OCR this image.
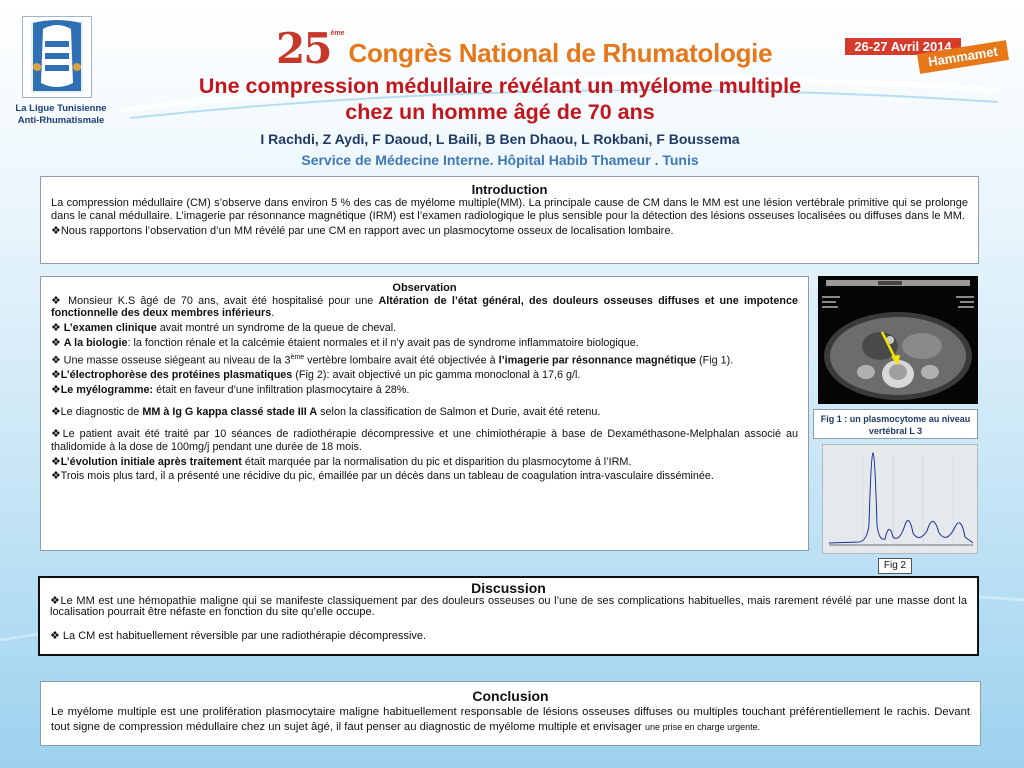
La Ligue Tunisienne
Anti-Rhumatismale
25 ème
Congrès National de Rhumatologie	26-27 Avril 2014
Hammamet
Une compression médullaire révélant un myélome multiple
chez un homme âgé de 70 ans
I Rachdi, Z Aydi, F Daoud, L Baili, B Ben Dhaou, L Rokbani, F Boussema
Service de Médecine Interne. Hôpital Habib Thameur . Tunis
Introduction

La compression médullaire (CM) s’observe dans environ 5 % des cas de myélome multiple(MM). La principale cause de CM dans le MM est une lésion vertébrale primitive qui se prolonge dans le canal médullaire. L’imagerie par résonnance magnétique (IRM) est l’examen radiologique le plus sensible pour la détection des lésions osseuses localisées ou diffuses dans le MM.

❖Nous rapportons l’observation d’un MM révélé par une CM en rapport avec un plasmocytome osseux de localisation lombaire.

Observation

❖ Monsieur K.S âgé de 70 ans, avait été hospitalisé pour une Altération de l’état général, des douleurs osseuses diffuses et une impotence fonctionnelle des deux membres inférieurs.

❖ L’examen clinique avait montré un syndrome de la queue de cheval.

❖ A la biologie: la fonction rénale et la calcémie étaient normales et il n’y avait pas de syndrome inflammatoire biologique.

❖ Une masse osseuse siégeant au niveau de la 3ème vertèbre lombaire avait été objectivée à l’imagerie par résonnance magnétique (Fig 1).

❖L’électrophorèse des protéines plasmatiques (Fig 2): avait objectivé un pic gamma monoclonal à 17,6 g/l.

❖Le myélogramme: était en faveur d’une infiltration plasmocytaire à 28%.

❖Le diagnostic de MM à Ig G kappa classé stade III A selon la classification de Salmon et Durie, avait été retenu.

❖Le patient avait été traité par 10 séances de radiothérapie décompressive et une chimiothérapie à base de Dexaméthasone-Melphalan associé au thalidomide à la dose de 100mg/j pendant une durée de 18 mois.

❖L’évolution initiale après traitement était marquée par la normalisation du pic et disparition du plasmocytome à l’IRM.

❖Trois mois plus tard, il a présenté une récidive du pic, émaillée par un décès dans un tableau de coagulation intra-vasculaire disséminée.

Fig 1 : un plasmocytome au niveau
vertébral L 3
Fig 2
Discussion

❖Le MM est une hémopathie maligne qui se manifeste classiquement par des douleurs osseuses ou l’une de ses complications habituelles, mais rarement révélé par une masse dont la localisation pourrait être néfaste en fonction du site qu’elle occupe.

❖ La CM est habituellement réversible par une radiothérapie décompressive.

Conclusion

Le myélome multiple est une prolifération plasmocytaire maligne habituellement responsable de lésions osseuses diffuses ou multiples touchant préférentiellement le rachis. Devant tout signe de compression médullaire chez un sujet âgé, il faut penser au diagnostic de myélome multiple et envisager une prise en charge urgente.
